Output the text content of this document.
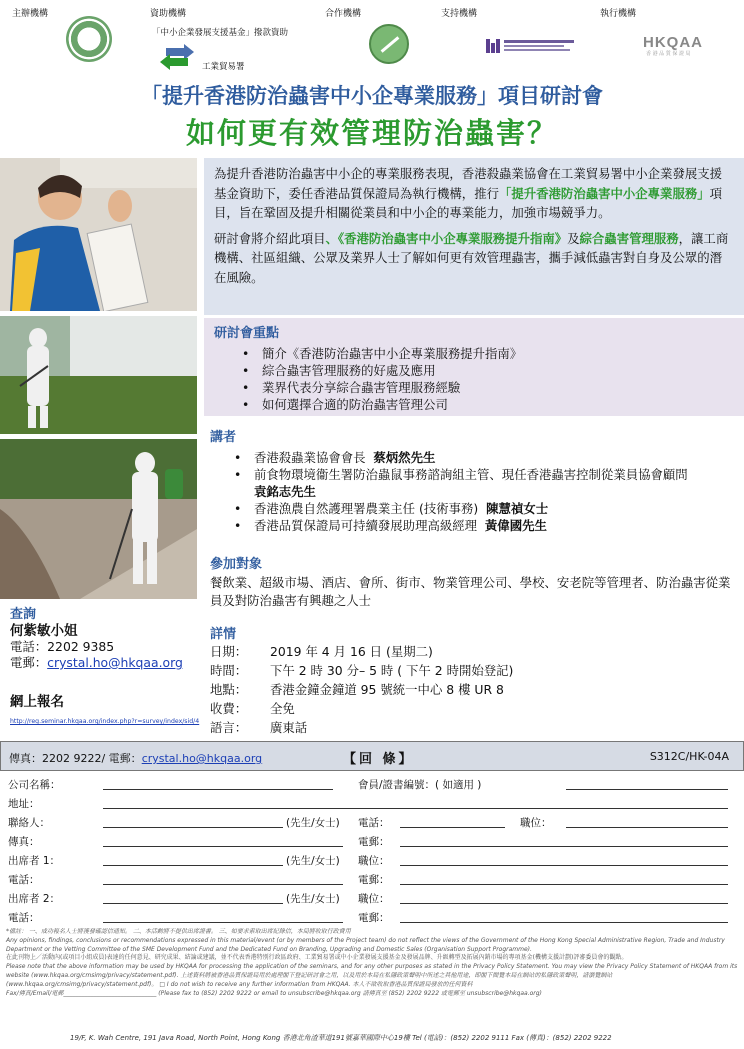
主辦機構	資助機構
「中小企業發展支援基金」撥款資助
工業貿易署
合作機構	支持機構	執行機構
HKQAA
香 港 品 質 保 證 局
「提升香港防治蟲害中小企專業服務」項目研討會
如何更有效管理防治蟲害？

為提升香港防治蟲害中小企的專業服務表現，香港殺蟲業協會在工業貿易署中小企業發展支援基金資助下，委任香港品質保證局為執行機構，推行「提升香港防治蟲害中小企專業服務」項目，旨在鞏固及提升相關從業員和中小企的專業能力，加強市場競爭力。

研討會將介紹此項目、《香港防治蟲害中小企專業服務提升指南》及綜合蟲害管理服務，讓工商機構、社區組織、公眾及業界人士了解如何更有效管理蟲害，攜手減低蟲害對自身及公眾的潛在風險。

研討會重點
• 簡介《香港防治蟲害中小企專業服務提升指南》
• 綜合蟲害管理服務的好處及應用
• 業界代表分享綜合蟲害管理服務經驗
• 如何選擇合適的防治蟲害管理公司
講者
• 香港殺蟲業協會會長 蔡炳然先生
• 前食物環境衞生署防治蟲鼠事務諮詢組主管、現任香港蟲害控制從業員協會顧問
袁銘志先生
• 香港漁農自然護理署農業主任 (技術事務) 陳慧禎女士
• 香港品質保證局可持續發展助理高級經理 黃偉國先生
參加對象
餐飲業、超級市場、酒店、會所、街市、物業管理公司、學校、安老院等管理者、防治蟲害從業員及對防治蟲害有興趣之人士
查詢
何紫敏小姐
電話：2202 9385
電郵：crystal.ho@hkqaa.org
網上報名
http://reg.seminar.hkqaa.org/index.php?r=survey/index/sid/4

詳情
日期：	2019 年 4 月 16 日 (星期二)
時間：	下午 2 時 30 分– 5 時 ( 下午 2 時開始登記)
地點：	香港金鐘金鐘道 95 號統一中心 8 樓 UR 8
收費：	全免
語言：	廣東話
傳真：2202 9222/ 電郵：crystal.ho@hkqaa.org	【回 條】	S312C/HK-04A
公司名稱：	會員/證書編號：( 如適用 )
地址：
聯絡人：	(先生/女士) 電話：	職位：
傳真：	電郵：
出席者 1：	(先生/女士) 職位：
電話：	電郵：
出席者 2：	(先生/女士) 職位：
電話：	電郵：
*備註： 一、成功報名人士將獲發確認信通知。 二、本活動將不提供出席證書。 三、如要求索取出席紀錄信，本局將收取行政費用
Any opinions, findings, conclusions or recommendations expressed in this material/event (or by members of the Project team) do not reflect the views of the Government of the Hong Kong Special Administrative Region, Trade and Industry Department or the Vetting Committee of the SME Development Fund and the Dedicated Fund on Branding, Upgrading and Domestic Sales (Organisation Support Programme).
在此刊物上／活動內(或項目小組成員)表達的任何意見、研究成果、結論或建議，並不代表香港特別行政區政府、工業貿易署或中小企業發展支援基金及發展品牌、升級轉型及拓展內銷市場的專項基金(機構支援計劃)評審委員會的觀點。
Please note that the above information may be used by HKQAA for processing the application of the seminars, and for any other purposes as stated in the Privacy Policy Statement. You may view the Privacy Policy Statement of HKQAA from its website (www.hkqaa.org/cmsimg/privacy/statement.pdf). 上述資料將被香港品質保證局用於處理閣下登記研討會之用，以及用於本局在私隱政策聲明中所述之其他用途，即閣下閱覽本局在網站的私隱政策聲明，請瀏覽網站 (www.hkqaa.org/cmsimg/privacy/statement.pdf)。 □ I do not wish to receive any further information from HKQAA. 本人不欲收取香港品質保證局發放的任何資料
Fax/傳真/Email/電郵_______________________________ (Please fax to (852) 2202 9222 or email to unsubscribe@hkqaa.org 請傳真至 (852) 2202 9222 或電郵至 unsubscribe@hkqaa.org)
19/F, K. Wah Centre, 191 Java Road, North Point, Hong Kong 香港北角渣華道191號嘉華國際中心19樓 Tel (電話)：(852) 2202 9111 Fax (傳真)：(852) 2202 9222
